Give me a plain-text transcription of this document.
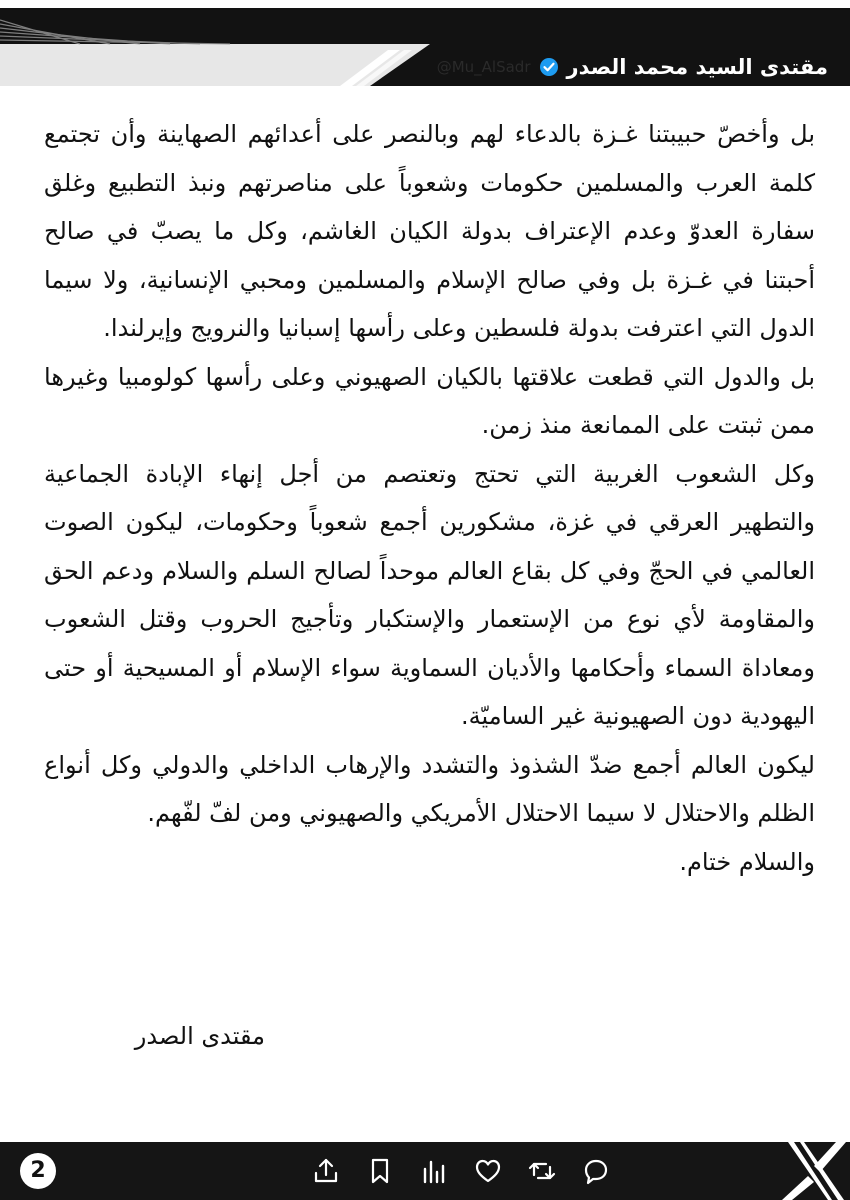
مقتدى السيد محمد الصدر
@Mu_AlSadr

بل وأخصّ حبيبتنا غـزة بالدعاء لهم وبالنصر على أعدائهم الصهاينة وأن تجتمع كلمة العرب والمسلمين حكومات وشعوباً على مناصرتهم ونبذ التطبيع وغلق سفارة العدوّ وعدم الإعتراف بدولة الكيان الغاشم، وكل ما يصبّ في صالح أحبتنا في غـزة بل وفي صالح الإسلام والمسلمين ومحبي الإنسانية، ولا سيما الدول التي اعترفت بدولة فلسطين وعلى رأسها إسبانيا والنرويج وإيرلندا.

بل والدول التي قطعت علاقتها بالكيان الصهيوني وعلى رأسها كولومبيا وغيرها ممن ثبتت على الممانعة منذ زمن.

وكل الشعوب الغربية التي تحتج وتعتصم من أجل إنهاء الإبادة الجماعية والتطهير العرقي في غزة، مشكورين أجمع شعوباً وحكومات، ليكون الصوت العالمي في الحجّ وفي كل بقاع العالم موحداً لصالح السلم والسلام ودعم الحق والمقاومة لأي نوع من الإستعمار والإستكبار وتأجيج الحروب وقتل الشعوب ومعاداة السماء وأحكامها والأديان السماوية سواء الإسلام أو المسيحية أو حتى اليهودية دون الصهيونية غير الساميّة.

ليكون العالم أجمع ضدّ الشذوذ والتشدد والإرهاب الداخلي والدولي وكل أنواع الظلم والاحتلال لا سيما الاحتلال الأمريكي والصهيوني ومن لفّ لفّهم.

والسلام ختام.

مقتدى الصدر
2
